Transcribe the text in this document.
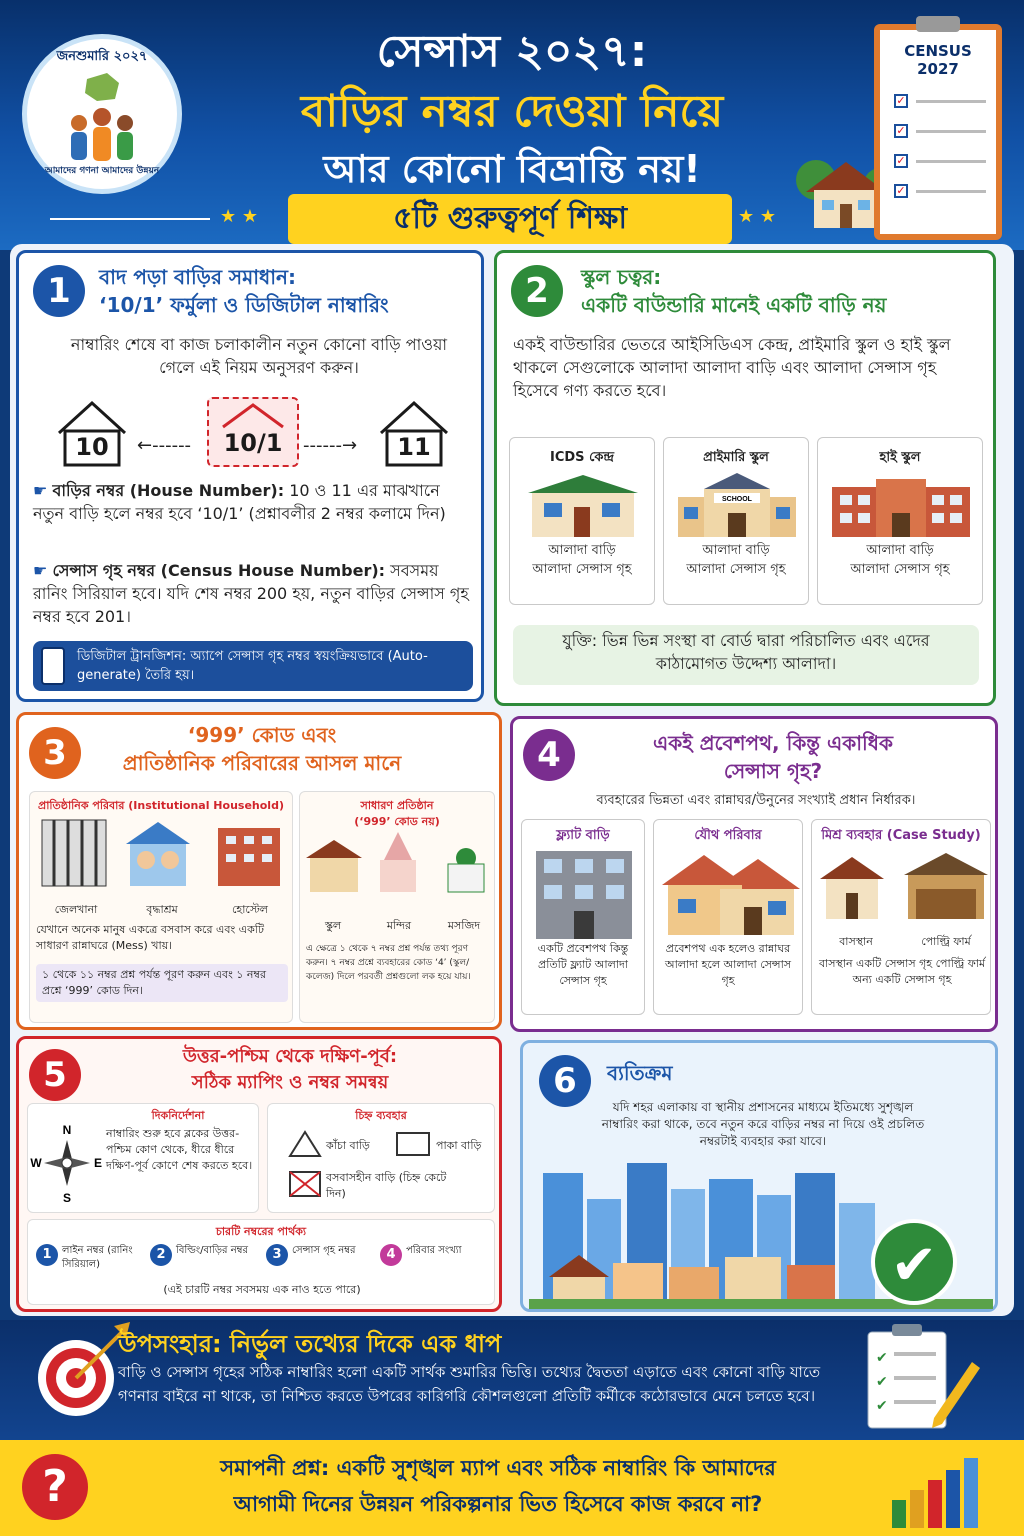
জনশুমারি ২০২৭
আমাদের গণনা আমাদের উন্নয়ন
সেন্সাস ২০২৭:
বাড়ির নম্বর দেওয়া নিয়ে
আর কোনো বিভ্রান্তি নয়!
★ ★	৫টি গুরুত্বপূর্ণ শিক্ষা	★ ★
CENSUS
2027
✓
✓
✓
✓
1	বাদ পড়া বাড়ির সমাধান:
‘10/1’ ফর্মুলা ও ডিজিটাল নাম্বারিং
নাম্বারিং শেষে বা কাজ চলাকালীন নতুন কোনো বাড়ি পাওয়া গেলে এই নিয়ম অনুসরণ করুন।
10	←------	10/1	------→	11
☛ বাড়ির নম্বর (House Number): 10 ও 11 এর মাঝখানে নতুন বাড়ি হলে নম্বর হবে ‘10/1’ (প্রশ্নাবলীর 2 নম্বর কলামে দিন)
☛ সেন্সাস গৃহ নম্বর (Census House Number): সবসময় রানিং সিরিয়াল হবে। যদি শেষ নম্বর 200 হয়, নতুন বাড়ির সেন্সাস গৃহ নম্বর হবে 201।
ডিজিটাল ট্রানজিশন: অ্যাপে সেন্সাস গৃহ নম্বর স্বয়ংক্রিয়ভাবে (Auto-generate) তৈরি হয়।
2	স্কুল চত্বর:
একটি বাউন্ডারি মানেই একটি বাড়ি নয়
একই বাউন্ডারির ভেতরে আইসিডিএস কেন্দ্র, প্রাইমারি স্কুল ও হাই স্কুল থাকলে সেগুলোকে আলাদা আলাদা বাড়ি এবং আলাদা সেন্সাস গৃহ হিসেবে গণ্য করতে হবে।
ICDS কেন্দ্র
আলাদা বাড়ি
আলাদা সেন্সাস গৃহ
প্রাইমারি স্কুল
SCHOOL
আলাদা বাড়ি
আলাদা সেন্সাস গৃহ
হাই স্কুল
আলাদা বাড়ি
আলাদা সেন্সাস গৃহ
যুক্তি: ভিন্ন ভিন্ন সংস্থা বা বোর্ড দ্বারা পরিচালিত এবং এদের কাঠামোগত উদ্দেশ্য আলাদা।
3	‘999’ কোড এবং
প্রাতিষ্ঠানিক পরিবারের আসল মানে
প্রাতিষ্ঠানিক পরিবার (Institutional Household)
জেলখানা	বৃদ্ধাশ্রম	হোস্টেল
যেখানে অনেক মানুষ একত্রে বসবাস করে এবং একটি সাধারণ রান্নাঘরে (Mess) খায়।
১ থেকে ১১ নম্বর প্রশ্ন পর্যন্ত পূরণ করুন এবং ১ নম্বর প্রশ্নে ‘999’ কোড দিন।
সাধারণ প্রতিষ্ঠান
(‘999’ কোড নয়)
স্কুল	মন্দির	মসজিদ
এ ক্ষেত্রে ১ থেকে ৭ নম্বর প্রশ্ন পর্যন্ত তথ্য পূরণ করুন। ৭ নম্বর প্রশ্নে ব্যবহারের কোড ‘4’ (স্কুল/কলেজ) দিলে পরবর্তী প্রশ্নগুলো লক হয়ে যায়।
4	একই প্রবেশপথ, কিন্তু একাধিক
সেন্সাস গৃহ?
ব্যবহারের ভিন্নতা এবং রান্নাঘর/উনুনের সংখ্যাই প্রধান নির্ধারক।
ফ্ল্যাট বাড়ি
একটি প্রবেশপথ কিন্তু প্রতিটি ফ্ল্যাট আলাদা সেন্সাস গৃহ
যৌথ পরিবার
প্রবেশপথ এক হলেও রান্নাঘর আলাদা হলে আলাদা সেন্সাস গৃহ
মিশ্র ব্যবহার (Case Study)
বাসস্থান	পোল্ট্রি ফার্ম
বাসস্থান একটি সেন্সাস গৃহ পোল্ট্রি ফার্ম অন্য একটি সেন্সাস গৃহ
5	উত্তর-পশ্চিম থেকে দক্ষিণ-পূর্ব:
সঠিক ম্যাপিং ও নম্বর সমন্বয়
দিকনির্দেশনা
N
S
W	E
নাম্বারিং শুরু হবে ব্লকের উত্তর-পশ্চিম কোণ থেকে, ধীরে ধীরে দক্ষিণ-পূর্ব কোণে শেষ করতে হবে।
চিহ্ন ব্যবহার
কাঁচা বাড়ি	পাকা বাড়ি
বসবাসহীন বাড়ি (চিহ্ন কেটে দিন)
চারটি নম্বরের পার্থক্য
1	লাইন নম্বর (রানিং সিরিয়াল)
2	বিল্ডিং/বাড়ির নম্বর	3	সেন্সাস গৃহ নম্বর	4	পরিবার সংখ্যা
(এই চারটি নম্বর সবসময় এক নাও হতে পারে)
6	ব্যতিক্রম
যদি শহর এলাকায় বা স্থানীয় প্রশাসনের মাধ্যমে ইতিমধ্যে সুশৃঙ্খল নাম্বারিং করা থাকে, তবে নতুন করে বাড়ির নম্বর না দিয়ে ওই প্রচলিত নম্বরটাই ব্যবহার করা যাবে।
✔
উপসংহার: নির্ভুল তথ্যের দিকে এক ধাপ
বাড়ি ও সেন্সাস গৃহের সঠিক নাম্বারিং হলো একটি সার্থক শুমারির ভিত্তি। তথ্যের দ্বৈততা এড়াতে এবং কোনো বাড়ি যাতে গণনার বাইরে না থাকে, তা নিশ্চিত করতে উপরের কারিগরি কৌশলগুলো প্রতিটি কর্মীকে কঠোরভাবে মেনে চলতে হবে।
✔
✔
✔
?	সমাপনী প্রশ্ন: একটি সুশৃঙ্খল ম্যাপ এবং সঠিক নাম্বারিং কি আমাদের
আগামী দিনের উন্নয়ন পরিকল্পনার ভিত হিসেবে কাজ করবে না?
